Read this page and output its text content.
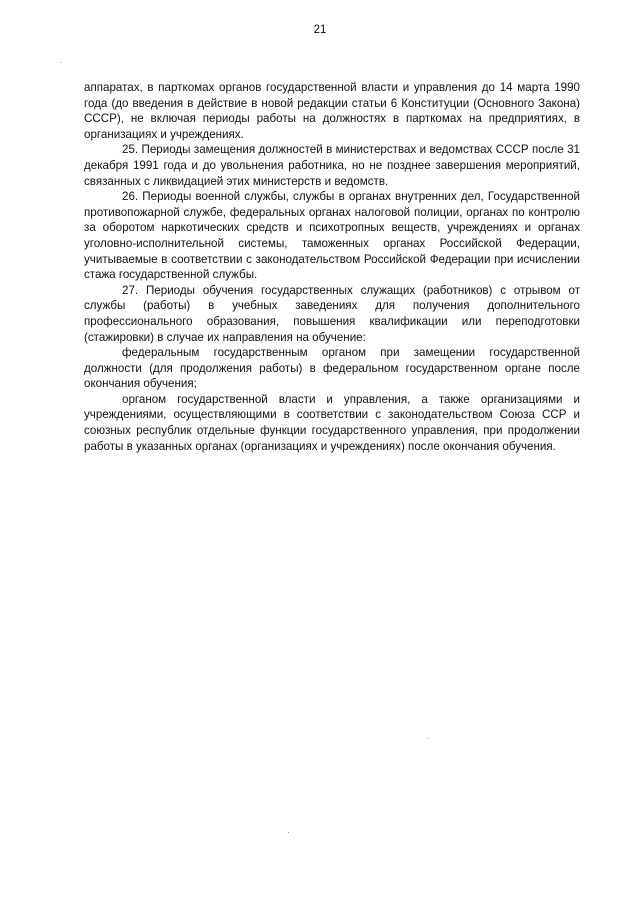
21

аппаратах, в парткомах органов государственной власти и управления до 14 марта 1990 года (до введения в действие в новой редакции статьи 6 Конституции (Основного Закона) СССР), не включая периоды работы на должностях в парткомах на предприятиях, в организациях и учреждениях.

25. Периоды замещения должностей в министерствах и ведомствах СССР после 31 декабря 1991 года и до увольнения работника, но не позднее завершения мероприятий, связанных с ликвидацией этих министерств и ведомств.

26. Периоды военной службы, службы в органах внутренних дел, Государственной противопожарной службе, федеральных органах налоговой полиции, органах по контролю за оборотом наркотических средств и психотропных веществ, учреждениях и органах уголовно-исполнительной системы, таможенных органах Российской Федерации, учитываемые в соответствии с законодательством Российской Федерации при исчислении стажа государственной службы.

27. Периоды обучения государственных служащих (работников) с отрывом от службы (работы) в учебных заведениях для получения дополнительного профессионального образования, повышения квалификации или переподготовки (стажировки) в случае их направления на обучение:

федеральным государственным органом при замещении государственной должности (для продолжения работы) в федеральном государственном органе после окончания обучения;

органом государственной власти и управления, а также организациями и учреждениями, осуществляющими в соответствии с законодательством Союза ССР и союзных республик отдельные функции государственного управления, при продолжении работы в указанных органах (организациях и учреждениях) после окончания обучения.
